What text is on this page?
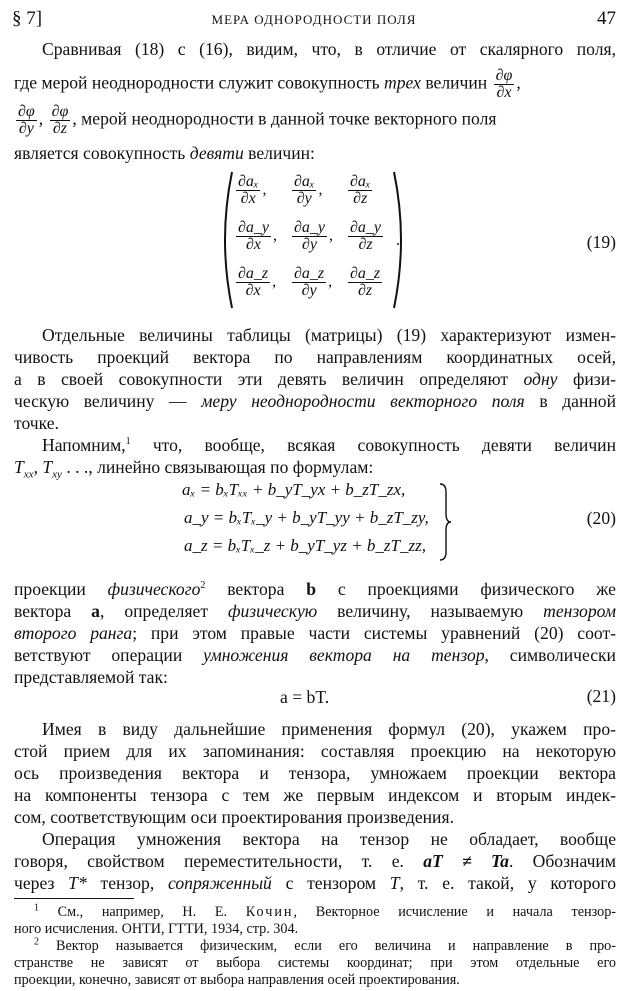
§ 7]	МЕРА ОДНОРОДНОСТИ ПОЛЯ	47
Сравнивая (18) с (16), видим, что, в отличие от скалярного поля,
где мерой неоднородности служит совокупность трех величин $\frac{\partial\varphi}{\partial x}$ ,
$\frac{\partial\varphi}{\partial y}$ , $\frac{\partial\varphi}{\partial z}$ , мерой неоднородности в данной точке векторного поля
является совокупность девяти величин:
$\frac{\text{∂aₓ}}{\partial x}$ , $\frac{\text{∂aₓ}}{\partial y}$ , $\frac{\text{∂aₓ}}{\partial z}$
$\frac{\partial a\_y}{\partial x}$ , $\frac{\partial a\_y}{\partial y}$ , $\frac{\partial a\_y}{\partial z}$
$\frac{\partial a\_z}{\partial x}$ , $\frac{\partial a\_z}{\partial y}$ , $\frac{\partial a\_z}{\partial z}$
.	(19)
Отдельные величины таблицы (матрицы) (19) характеризуют измен-
чивость проекций вектора по направлениям координатных осей,
а в своей совокупности эти девять величин определяют одну физи-
ческую величину — меру неоднородности векторного поля в данной
точке.
Напомним,$^1$ что, вообще, всякая совокупность девяти величин
$T_{xx}$, $T_{xy}$ . . ., линейно связывающая по формулам:
aₓ = bₓTₓₓ + b_yT_yx + b_zT_zx,
a_y = bₓTₓ_y + b_yT_yy + b_zT_zy,
a_z = bₓTₓ_z + b_yT_yz + b_zT_zz,
(20)
проекции физического$^2$ вектора b с проекциями физического же
вектора a, определяет физическую величину, называемую тензором
второго ранга; при этом правые части системы уравнений (20) соот-
ветствуют операции умножения вектора на тензор, символически
представляемой так:
a = bT.	(21)
Имея в виду дальнейшие применения формул (20), укажем про-
стой прием для их запоминания: составляя проекцию на некоторую
ось произведения вектора и тензора, умножаем проекции вектора
на компоненты тензора с тем же первым индексом и вторым индек-
сом, соответствующим оси проектирования произведения.
Операция умножения вектора на тензор не обладает, вообще
говоря, свойством переместительности, т. е. aT ≠ Ta. Обозначим
через T* тензор, сопряженный с тензором T, т. е. такой, у которого
$^1$ См., например, Н. Е. Кочин, Векторное исчисление и начала тензор-
ного исчисления. ОНТИ, ГТТИ, 1934, стр. 304.
$^2$ Вектор называется физическим, если его величина и направление в про-
странстве не зависят от выбора системы координат; при этом отдельные его
проекции, конечно, зависят от выбора направления осей проектирования.
